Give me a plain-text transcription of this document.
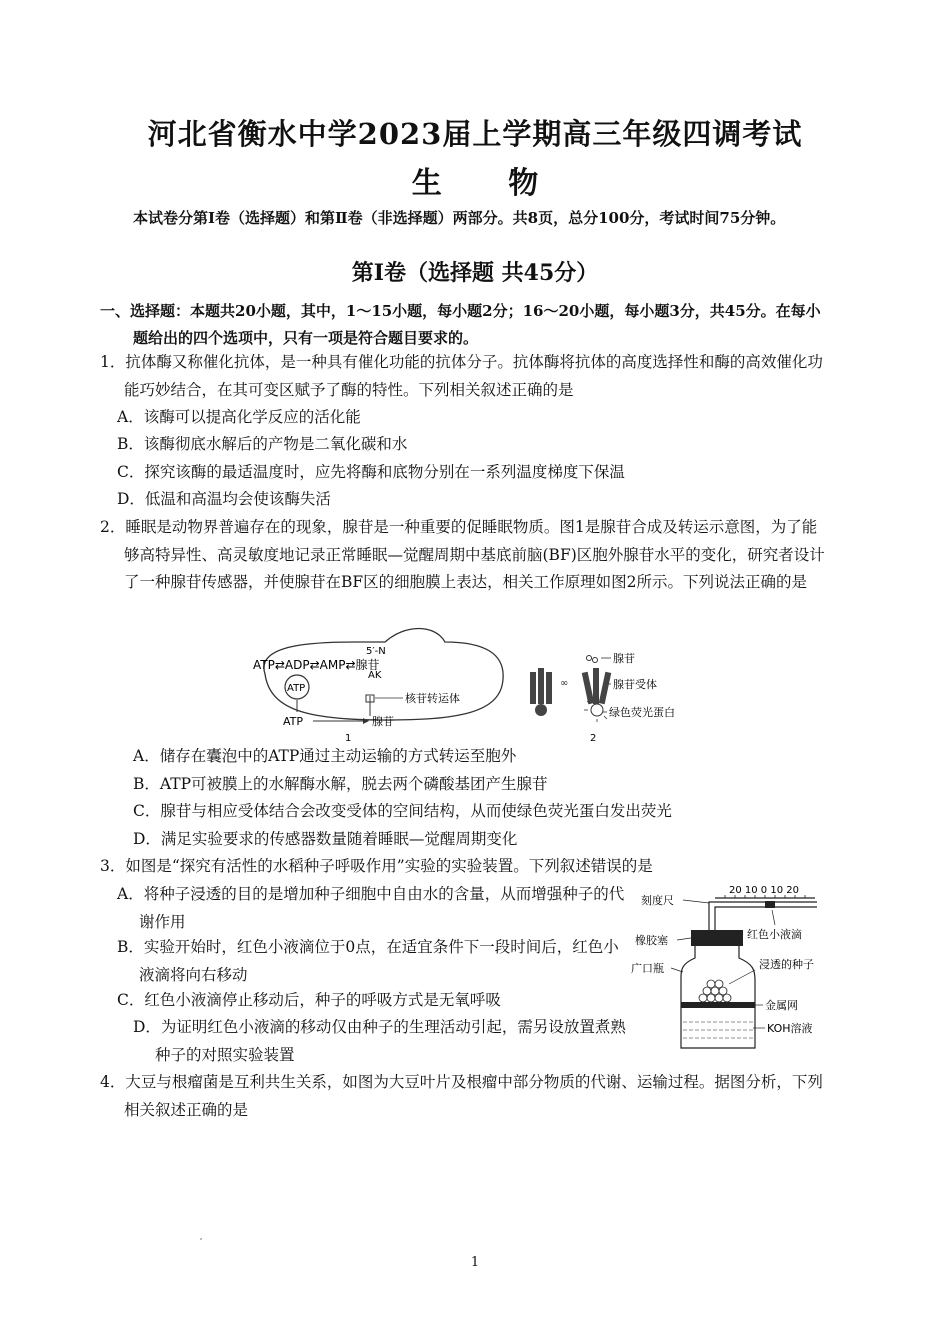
河北省衡水中学2023届上学期高三年级四调考试
生 物
本试卷分第Ⅰ卷（选择题）和第Ⅱ卷（非选择题）两部分。共8页，总分100分，考试时间75分钟。
第Ⅰ卷（选择题 共45分）
一、选择题：本题共20小题，其中，1～15小题，每小题2分；16～20小题，每小题3分，共45分。在每小题给出的四个选项中，只有一项是符合题目要求的。
1．抗体酶又称催化抗体，是一种具有催化功能的抗体分子。抗体酶将抗体的高度选择性和酶的高效催化功能巧妙结合，在其可变区赋予了酶的特性。下列相关叙述正确的是
A．该酶可以提高化学反应的活化能
B．该酶彻底水解后的产物是二氧化碳和水
C．探究该酶的最适温度时，应先将酶和底物分别在一系列温度梯度下保温
D．低温和高温均会使该酶失活
2．睡眠是动物界普遍存在的现象，腺苷是一种重要的促睡眠物质。图1是腺苷合成及转运示意图，为了能够高特异性、高灵敏度地记录正常睡眠—觉醒周期中基底前脑(BF)区胞外腺苷水平的变化，研究者设计了一种腺苷传感器，并使腺苷在BF区的细胞膜上表达，相关工作原理如图2所示。下列说法正确的是
ATP⇄ADP⇄AMP⇄腺苷
5′-N
AK
ATP
核苷转运体
ATP	腺苷
1
∞
腺苷
腺苷受体
绿色荧光蛋白
2
A．储存在囊泡中的ATP通过主动运输的方式转运至胞外
B．ATP可被膜上的水解酶水解，脱去两个磷酸基团产生腺苷
C．腺苷与相应受体结合会改变受体的空间结构，从而使绿色荧光蛋白发出荧光
D．满足实验要求的传感器数量随着睡眠—觉醒周期变化
3．如图是“探究有活性的水稻种子呼吸作用”实验的实验装置。下列叙述错误的是
A．将种子浸透的目的是增加种子细胞中自由水的含量，从而增强种子的代谢作用
B．实验开始时，红色小液滴位于0点，在适宜条件下一段时间后，红色小液滴将向右移动
C．红色小液滴停止移动后，种子的呼吸方式是无氧呼吸
D．为证明红色小液滴的移动仅由种子的生理活动引起，需另设放置煮熟种子的对照实验装置
20 10 0 10 20
刻度尺
红色小液滴
橡胶塞
广口瓶	浸透的种子
金属网
KOH溶液
4．大豆与根瘤菌是互利共生关系，如图为大豆叶片及根瘤中部分物质的代谢、运输过程。据图分析，下列相关叙述正确的是
1
